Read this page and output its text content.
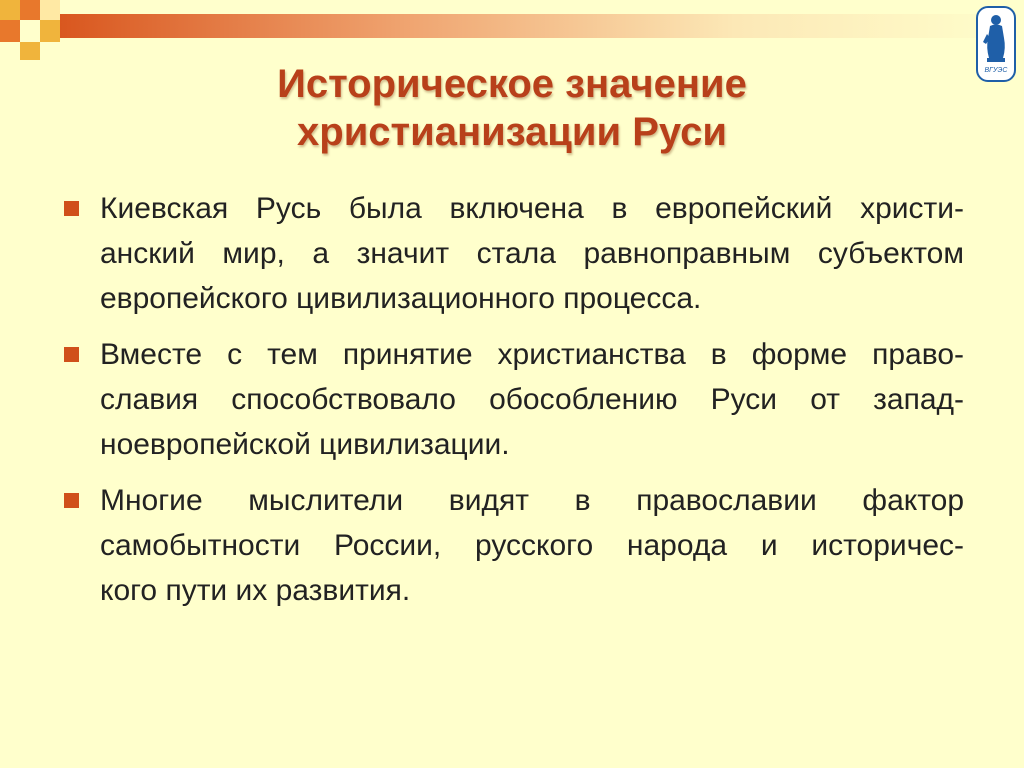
ВГУЭС
Историческое значение
христианизации Руси
Киевская Русь была включена в европейский христи-
анский мир, а значит стала равноправным субъектом
европейского цивилизационного процесса.
Вместе с тем принятие христианства в форме право-
славия способствовало обособлению Руси от запад-
ноевропейской цивилизации.
Многие мыслители видят в православии фактор
самобытности России, русского народа и историчес-
кого пути их развития.
